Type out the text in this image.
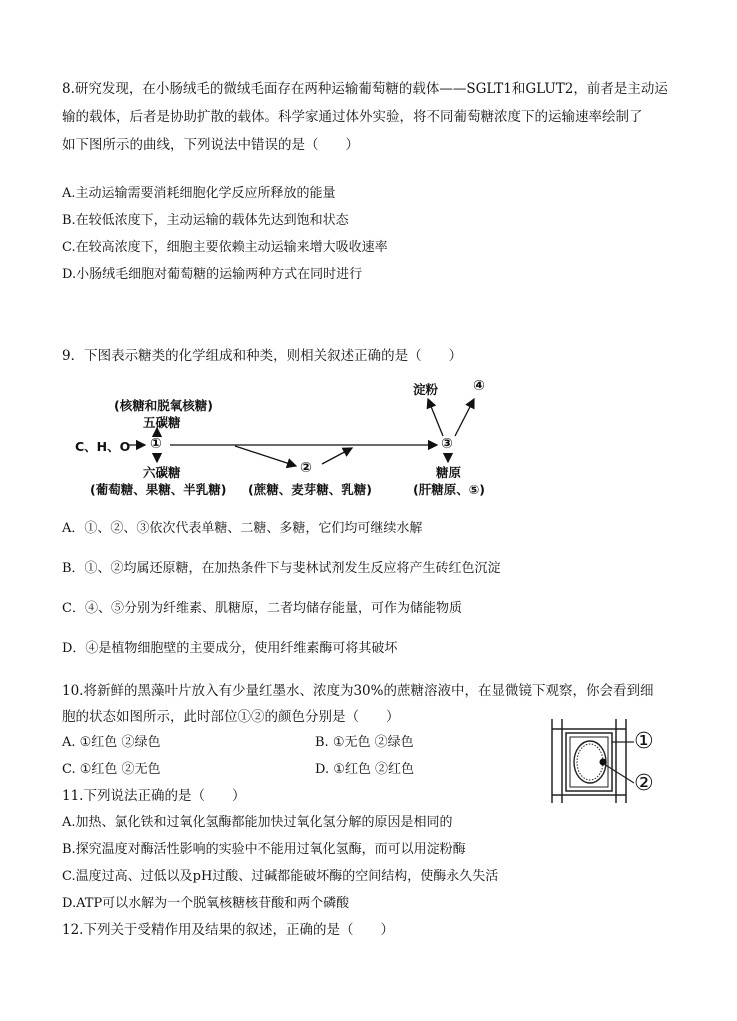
8.研究发现，在小肠绒毛的微绒毛面存在两种运输葡萄糖的载体——SGLT1和GLUT2，前者是主动运
输的载体，后者是协助扩散的载体。科学家通过体外实验，将不同葡萄糖浓度下的运输速率绘制了
如下图所示的曲线，下列说法中错误的是（　　）
A.主动运输需要消耗细胞化学反应所释放的能量
B.在较低浓度下，主动运输的载体先达到饱和状态
C.在较高浓度下，细胞主要依赖主动运输来增大吸收速率
D.小肠绒毛细胞对葡萄糖的运输两种方式在同时进行
9．下图表示糖类的化学组成和种类，则相关叙述正确的是（　　）
(核糖和脱氧核糖)
五碳糖
C、H、O ①
六碳糖
(葡萄糖、果糖、半乳糖)
②
(蔗糖、麦芽糖、乳糖)
淀粉 ④
③
糖原
(肝糖原、⑤)
A．①、②、③依次代表单糖、二糖、多糖，它们均可继续水解
B．①、②均属还原糖，在加热条件下与斐林试剂发生反应将产生砖红色沉淀
C．④、⑤分别为纤维素、肌糖原，二者均储存能量，可作为储能物质
D．④是植物细胞壁的主要成分，使用纤维素酶可将其破坏
10.将新鲜的黑藻叶片放入有少量红墨水、浓度为30%的蔗糖溶液中，在显微镜下观察，你会看到细
胞的状态如图所示，此时部位①②的颜色分别是（　　）
A. ①红色 ②绿色	B. ①无色 ②绿色
C. ①红色 ②无色	D. ①红色 ②红色
①
②
11.下列说法正确的是（　　）
A.加热、氯化铁和过氧化氢酶都能加快过氧化氢分解的原因是相同的
B.探究温度对酶活性影响的实验中不能用过氧化氢酶，而可以用淀粉酶
C.温度过高、过低以及pH过酸、过碱都能破坏酶的空间结构，使酶永久失活
D.ATP可以水解为一个脱氧核糖核苷酸和两个磷酸
12.下列关于受精作用及结果的叙述，正确的是（　　）
